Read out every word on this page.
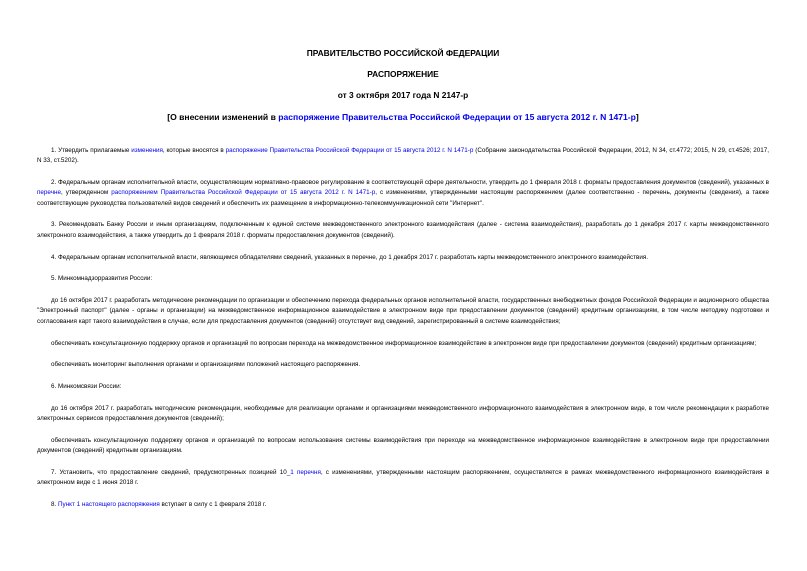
ПРАВИТЕЛЬСТВО РОССИЙСКОЙ ФЕДЕРАЦИИ
РАСПОРЯЖЕНИЕ
от 3 октября 2017 года N 2147-р
[О внесении изменений в распоряжение Правительства Российской Федерации от 15 августа 2012 г. N 1471-р]

1. Утвердить прилагаемые изменения, которые вносятся в распоряжение Правительства Российской Федерации от 15 августа 2012 г. N 1471-р (Собрание законодательства Российской Федерации, 2012, N 34, ст.4772; 2015, N 29, ст.4526; 2017, N 33, ст.5202).

2. Федеральным органам исполнительной власти, осуществляющим нормативно-правовое регулирование в соответствующей сфере деятельности, утвердить до 1 февраля 2018 г. форматы предоставления документов (сведений), указанных в перечне, утвержденном распоряжением Правительства Российской Федерации от 15 августа 2012 г. N 1471-р, с изменениями, утвержденными настоящим распоряжением (далее соответственно - перечень, документы (сведения), а также соответствующие руководства пользователей видов сведений и обеспечить их размещение в информационно-телекоммуникационной сети "Интернет".

3. Рекомендовать Банку России и иным организациям, подключенным к единой системе межведомственного электронного взаимодействия (далее - система взаимодействия), разработать до 1 декабря 2017 г. карты межведомственного электронного взаимодействия, а также утвердить до 1 февраля 2018 г. форматы предоставления документов (сведений).

4. Федеральным органам исполнительной власти, являющимся обладателями сведений, указанных в перечне, до 1 декабря 2017 г. разработать карты межведомственного электронного взаимодействия.

5. Минкомнадзорразвития России:

до 16 октября 2017 г. разработать методические рекомендации по организации и обеспечению перехода федеральных органов исполнительной власти, государственных внебюджетных фондов Российской Федерации и акционерного общества "Электронный паспорт" (далее - органы и организации) на межведомственное информационное взаимодействие в электронном виде при предоставлении документов (сведений) кредитным организациям, в том числе методику подготовки и согласования карт такого взаимодействия в случае, если для предоставления документов (сведений) отсутствует вид сведений, зарегистрированный в системе взаимодействия;

обеспечивать консультационную поддержку органов и организаций по вопросам перехода на межведомственное информационное взаимодействие в электронном виде при предоставлении документов (сведений) кредитным организациям;

обеспечивать мониторинг выполнения органами и организациями положений настоящего распоряжения.

6. Минкомсвязи России:

до 16 октября 2017 г. разработать методические рекомендации, необходимые для реализации органами и организациями межведомственного информационного взаимодействия в электронном виде, в том числе рекомендации к разработке электронных сервисов предоставления документов (сведений);

обеспечивать консультационную поддержку органов и организаций по вопросам использования системы взаимодействия при переходе на межведомственное информационное взаимодействие в электронном виде при предоставлении документов (сведений) кредитным организациям.

7. Установить, что предоставление сведений, предусмотренных позицией 10_1 перечня, с изменениями, утвержденными настоящим распоряжением, осуществляется в рамках межведомственного информационного взаимодействия в электронном виде с 1 июня 2018 г.

8. Пункт 1 настоящего распоряжения вступает в силу с 1 февраля 2018 г.
